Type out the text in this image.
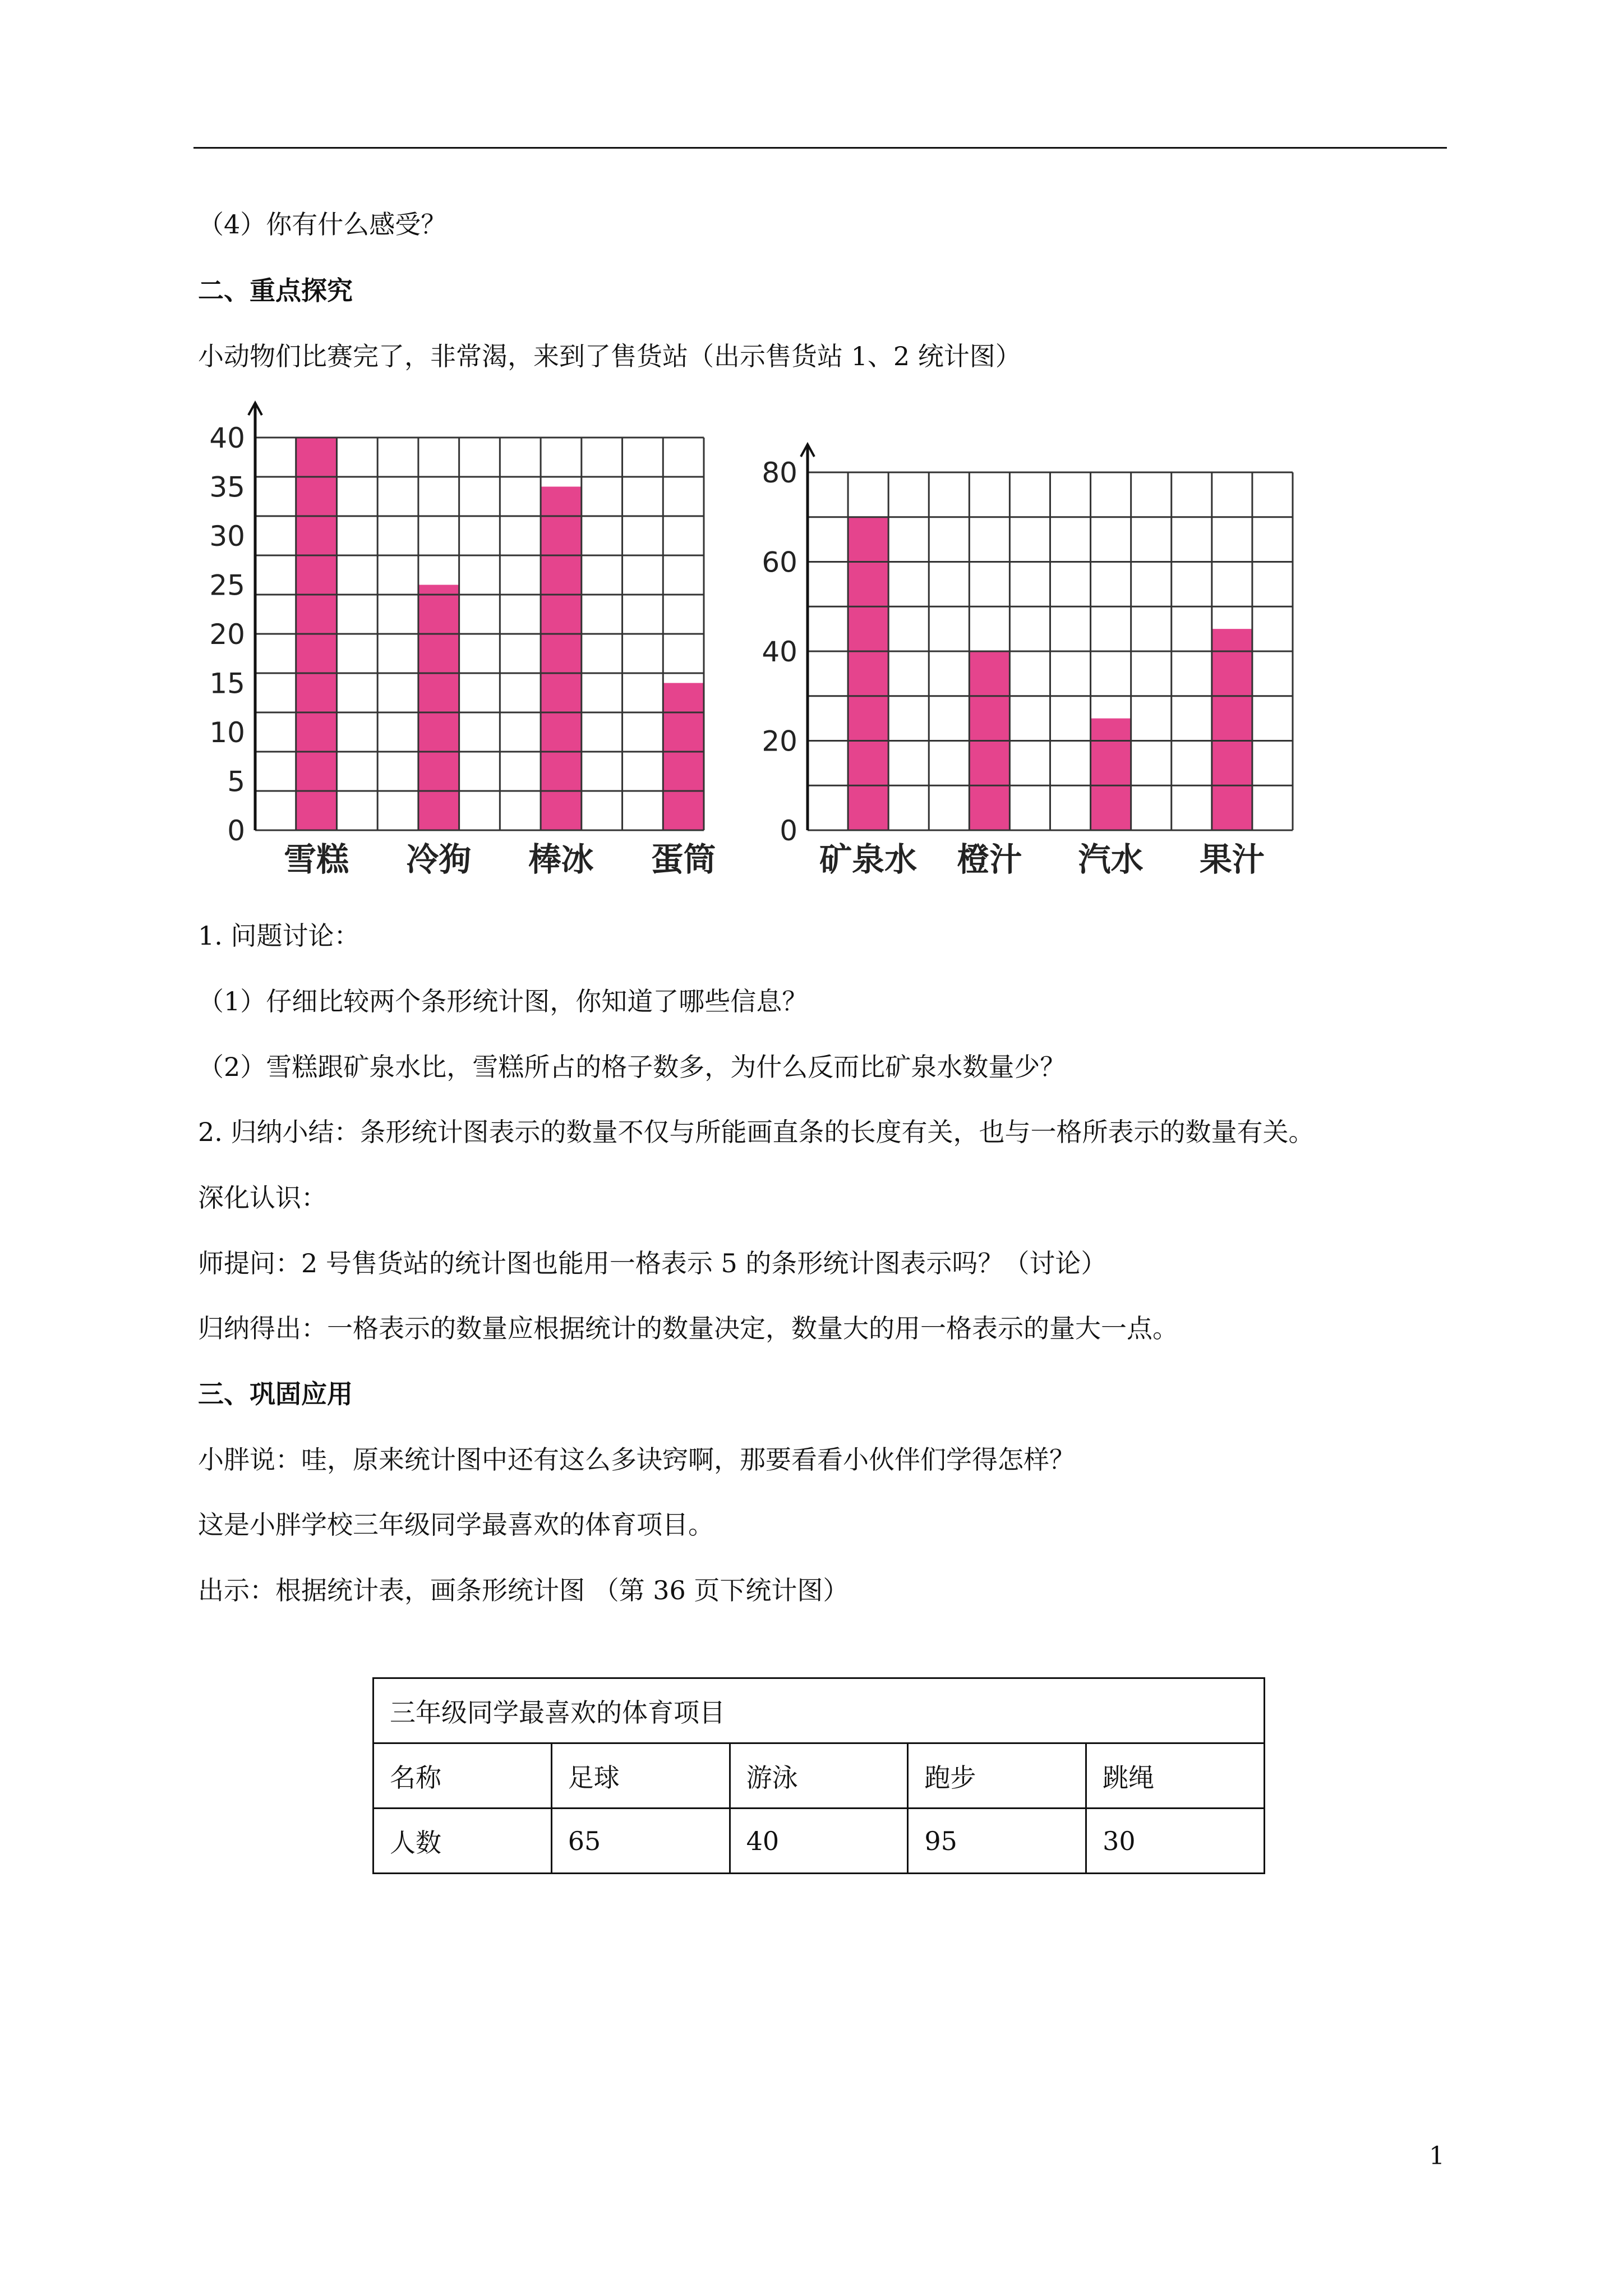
（4）你有什么感受？
二、重点探究
小动物们比赛完了，非常渴，来到了售货站（出示售货站 1、2 统计图）
0
5
10
15
20
25
30
35
40
雪糕 冷狗 棒冰 蛋筒
0
20
40
60
80
矿泉水 橙汁 汽水 果汁
1. 问题讨论：
（1）仔细比较两个条形统计图，你知道了哪些信息？
（2）雪糕跟矿泉水比，雪糕所占的格子数多，为什么反而比矿泉水数量少？
2. 归纳小结：条形统计图表示的数量不仅与所能画直条的长度有关，也与一格所表示的数量有关。
深化认识：
师提问：2 号售货站的统计图也能用一格表示 5 的条形统计图表示吗？（讨论）
归纳得出：一格表示的数量应根据统计的数量决定，数量大的用一格表示的量大一点。
三、巩固应用
小胖说：哇，原来统计图中还有这么多诀窍啊，那要看看小伙伴们学得怎样？
这是小胖学校三年级同学最喜欢的体育项目。
出示：根据统计表，画条形统计图 （第 36 页下统计图）
三年级同学最喜欢的体育项目				
名称	足球	游泳	跑步	跳绳
人数	65	40	95	30
1
